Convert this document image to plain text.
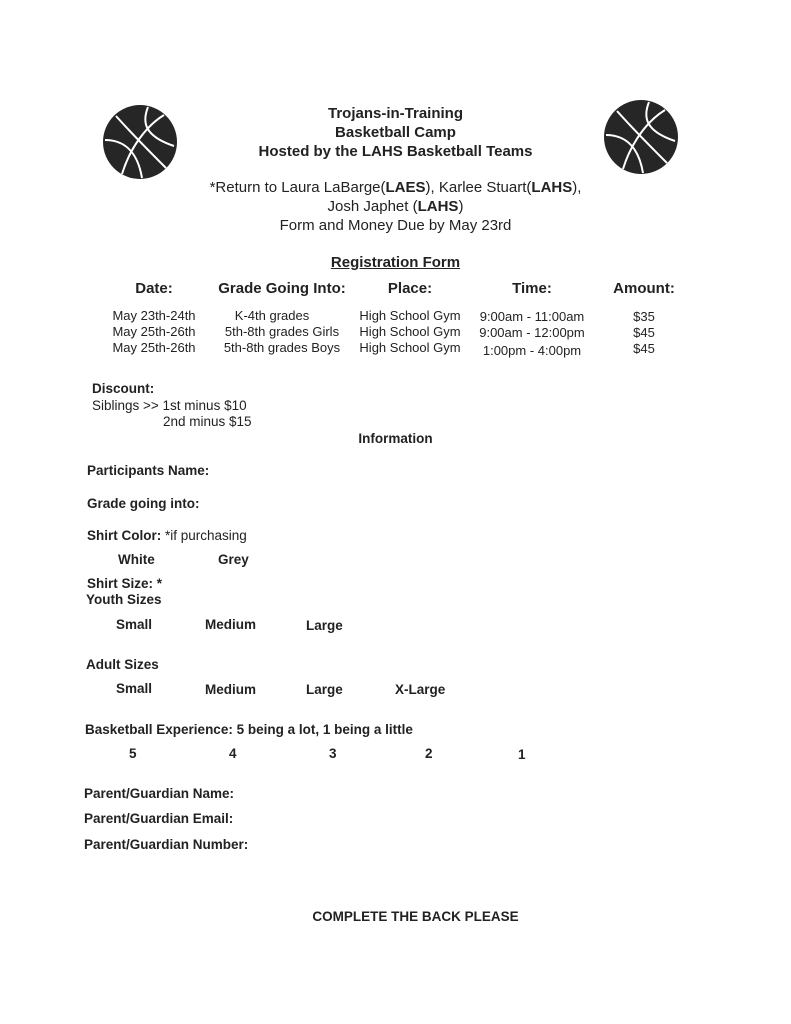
Trojans-in-Training
Basketball Camp
Hosted by the LAHS Basketball Teams
*Return to Laura LaBarge(LAES), Karlee Stuart(LAHS),
Josh Japhet (LAHS)
Form and Money Due by May 23rd
Registration Form
Date:	Grade Going Into:	Place:	Time:	Amount:
May 23th-24th	K-4th grades	High School Gym	9:00am - 11:00am	$35
May 25th-26th	5th-8th grades Girls	High School Gym	9:00am - 12:00pm	$45
May 25th-26th	5th-8th grades Boys	High School Gym	1:00pm - 4:00pm	$45
Discount:
Siblings >> 1st minus $10
2nd minus $15
Information
Participants Name:
Grade going into:
Shirt Color: *if purchasing
White	Grey
Shirt Size: *
Youth Sizes
Small	Medium	Large
Adult Sizes
Small	Medium	Large	X-Large
Basketball Experience: 5 being a lot, 1 being a little
5	4	3	2	1
Parent/Guardian Name:
Parent/Guardian Email:
Parent/Guardian Number:
COMPLETE THE BACK PLEASE
